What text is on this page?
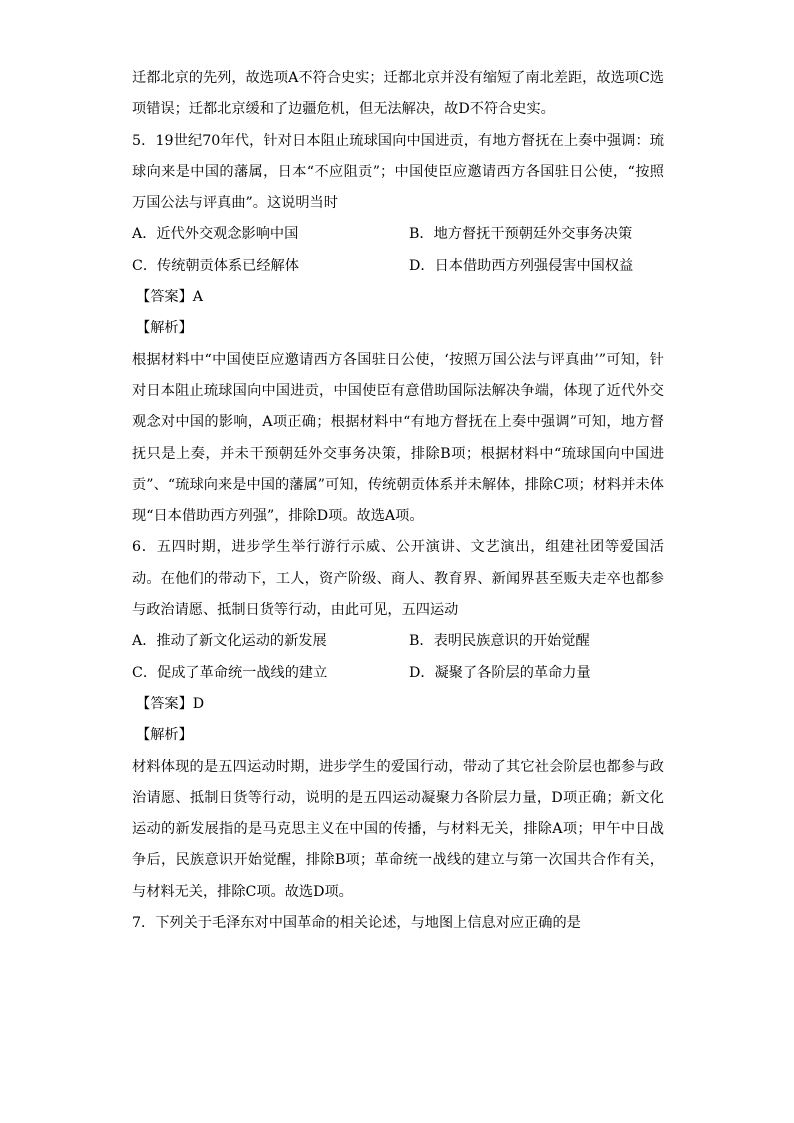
迁都北京的先列，故选项A不符合史实；迁都北京并没有缩短了南北差距，故选项C选项错误；迁都北京缓和了边疆危机，但无法解决，故D不符合史实。

5．19世纪70年代，针对日本阻止琉球国向中国进贡，有地方督抚在上奏中强调：琉球向来是中国的藩属，日本“不应阻贡”；中国使臣应邀请西方各国驻日公使，“按照万国公法与评真曲”。这说明当时

A．近代外交观念影响中国	B．地方督抚干预朝廷外交事务决策
C．传统朝贡体系已经解体	D．日本借助西方列强侵害中国权益

【答案】A

【解析】

根据材料中“中国使臣应邀请西方各国驻日公使，‘按照万国公法与评真曲’”可知，针对日本阻止琉球国向中国进贡，中国使臣有意借助国际法解决争端，体现了近代外交观念对中国的影响，A项正确；根据材料中“有地方督抚在上奏中强调”可知，地方督抚只是上奏，并未干预朝廷外交事务决策，排除B项；根据材料中“琉球国向中国进贡”、“琉球向来是中国的藩属”可知，传统朝贡体系并未解体，排除C项；材料并未体现“日本借助西方列强”，排除D项。故选A项。

6．五四时期，进步学生举行游行示威、公开演讲、文艺演出，组建社团等爱国活动。在他们的带动下，工人，资产阶级、商人、教育界、新闻界甚至贩夫走卒也都参与政治请愿、抵制日货等行动，由此可见，五四运动

A．推动了新文化运动的新发展	B．表明民族意识的开始觉醒
C．促成了革命统一战线的建立	D．凝聚了各阶层的革命力量

【答案】D

【解析】

材料体现的是五四运动时期，进步学生的爱国行动，带动了其它社会阶层也都参与政治请愿、抵制日货等行动，说明的是五四运动凝聚力各阶层力量，D项正确；新文化运动的新发展指的是马克思主义在中国的传播，与材料无关，排除A项；甲午中日战争后，民族意识开始觉醒，排除B项；革命统一战线的建立与第一次国共合作有关，与材料无关，排除C项。故选D项。

7．下列关于毛泽东对中国革命的相关论述，与地图上信息对应正确的是
